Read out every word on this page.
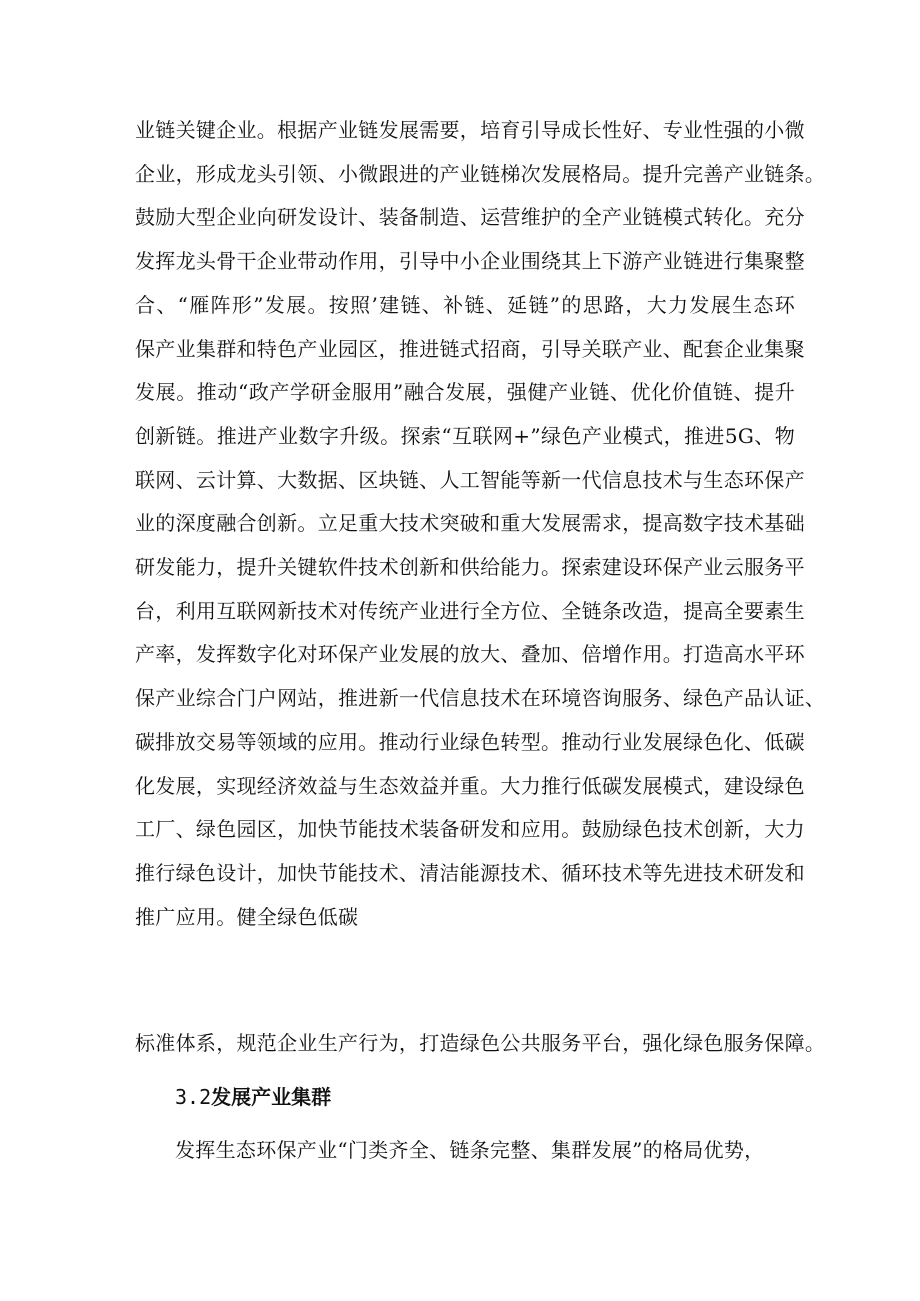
业链关键企业。根据产业链发展需要，培育引导成长性好、专业性强的小微
企业，形成龙头引领、小微跟进的产业链梯次发展格局。提升完善产业链条。
鼓励大型企业向研发设计、装备制造、运营维护的全产业链模式转化。充分
发挥龙头骨干企业带动作用，引导中小企业围绕其上下游产业链进行集聚整
合、“雁阵形”发展。按照’建链、补链、延链”的思路，大力发展生态环
保产业集群和特色产业园区，推进链式招商，引导关联产业、配套企业集聚
发展。推动“政产学研金服用”融合发展，强健产业链、优化价值链、提升
创新链。推进产业数字升级。探索“互联网+”绿色产业模式，推进5G、物
联网、云计算、大数据、区块链、人工智能等新一代信息技术与生态环保产
业的深度融合创新。立足重大技术突破和重大发展需求，提高数字技术基础
研发能力，提升关键软件技术创新和供给能力。探索建设环保产业云服务平
台，利用互联网新技术对传统产业进行全方位、全链条改造，提高全要素生
产率，发挥数字化对环保产业发展的放大、叠加、倍增作用。打造高水平环
保产业综合门户网站，推进新一代信息技术在环境咨询服务、绿色产品认证、
碳排放交易等领域的应用。推动行业绿色转型。推动行业发展绿色化、低碳
化发展，实现经济效益与生态效益并重。大力推行低碳发展模式，建设绿色
工厂、绿色园区，加快节能技术装备研发和应用。鼓励绿色技术创新，大力
推行绿色设计，加快节能技术、清洁能源技术、循环技术等先进技术研发和
推广应用。健全绿色低碳
标准体系，规范企业生产行为，打造绿色公共服务平台，强化绿色服务保障。
3.2发展产业集群
发挥生态环保产业“门类齐全、链条完整、集群发展”的格局优势，
